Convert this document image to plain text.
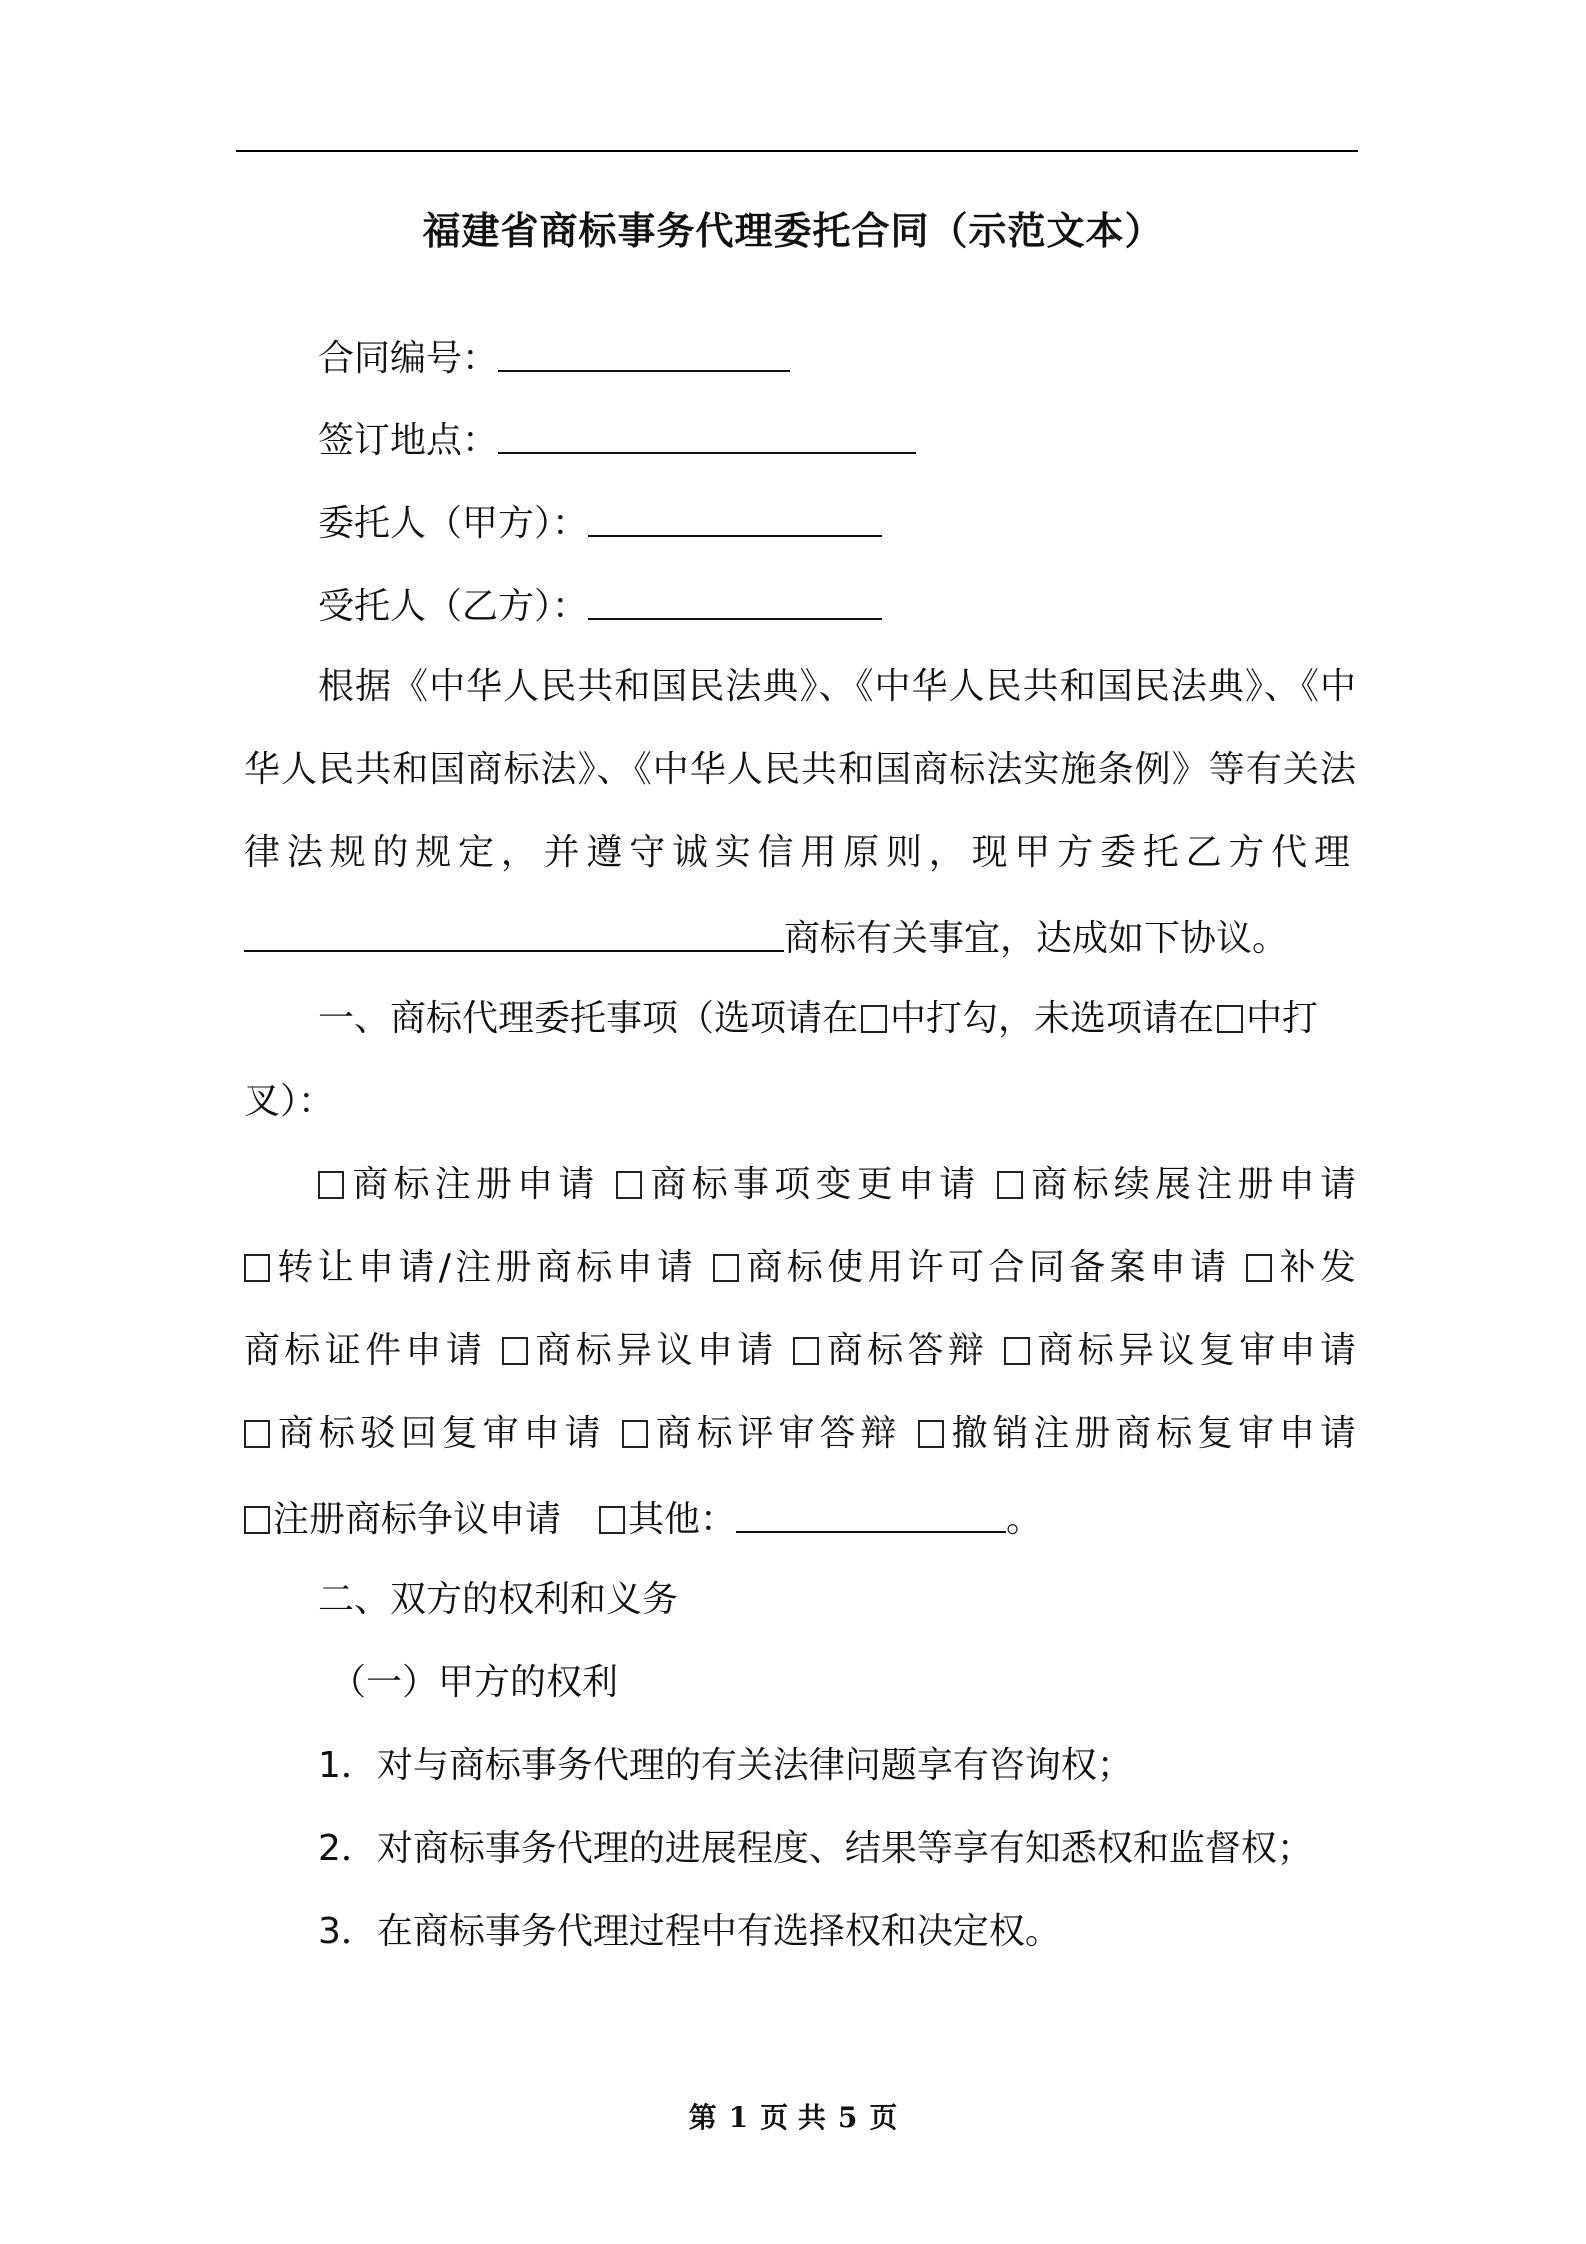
福建省商标事务代理委托合同（示范文本）
合同编号：
签订地点：
委托人（甲方）：
受托人（乙方）：
根据《中华人民共和国民法典》、《中华人民共和国民法典》、《中
华人民共和国商标法》、《中华人民共和国商标法实施条例》等有关法
律法规的规定，并遵守诚实信用原则，现甲方委托乙方代理
商标有关事宜，达成如下协议。
一、商标代理委托事项（选项请在 中打勾，未选项请在 中打
叉）：
商标注册申请 商标事项变更申请 商标续展注册申请
转让申请/注册商标申请 商标使用许可合同备案申请 补发
商标证件申请 商标异议申请 商标答辩 商标异议复审申请
商标驳回复审申请 商标评审答辩 撤销注册商标复审申请
注册商标争议申请 其他：	。
二、双方的权利和义务
（一）甲方的权利
1．对与商标事务代理的有关法律问题享有咨询权；
2．对商标事务代理的进展程度、结果等享有知悉权和监督权；
3．在商标事务代理过程中有选择权和决定权。
第 1 页 共 5 页
